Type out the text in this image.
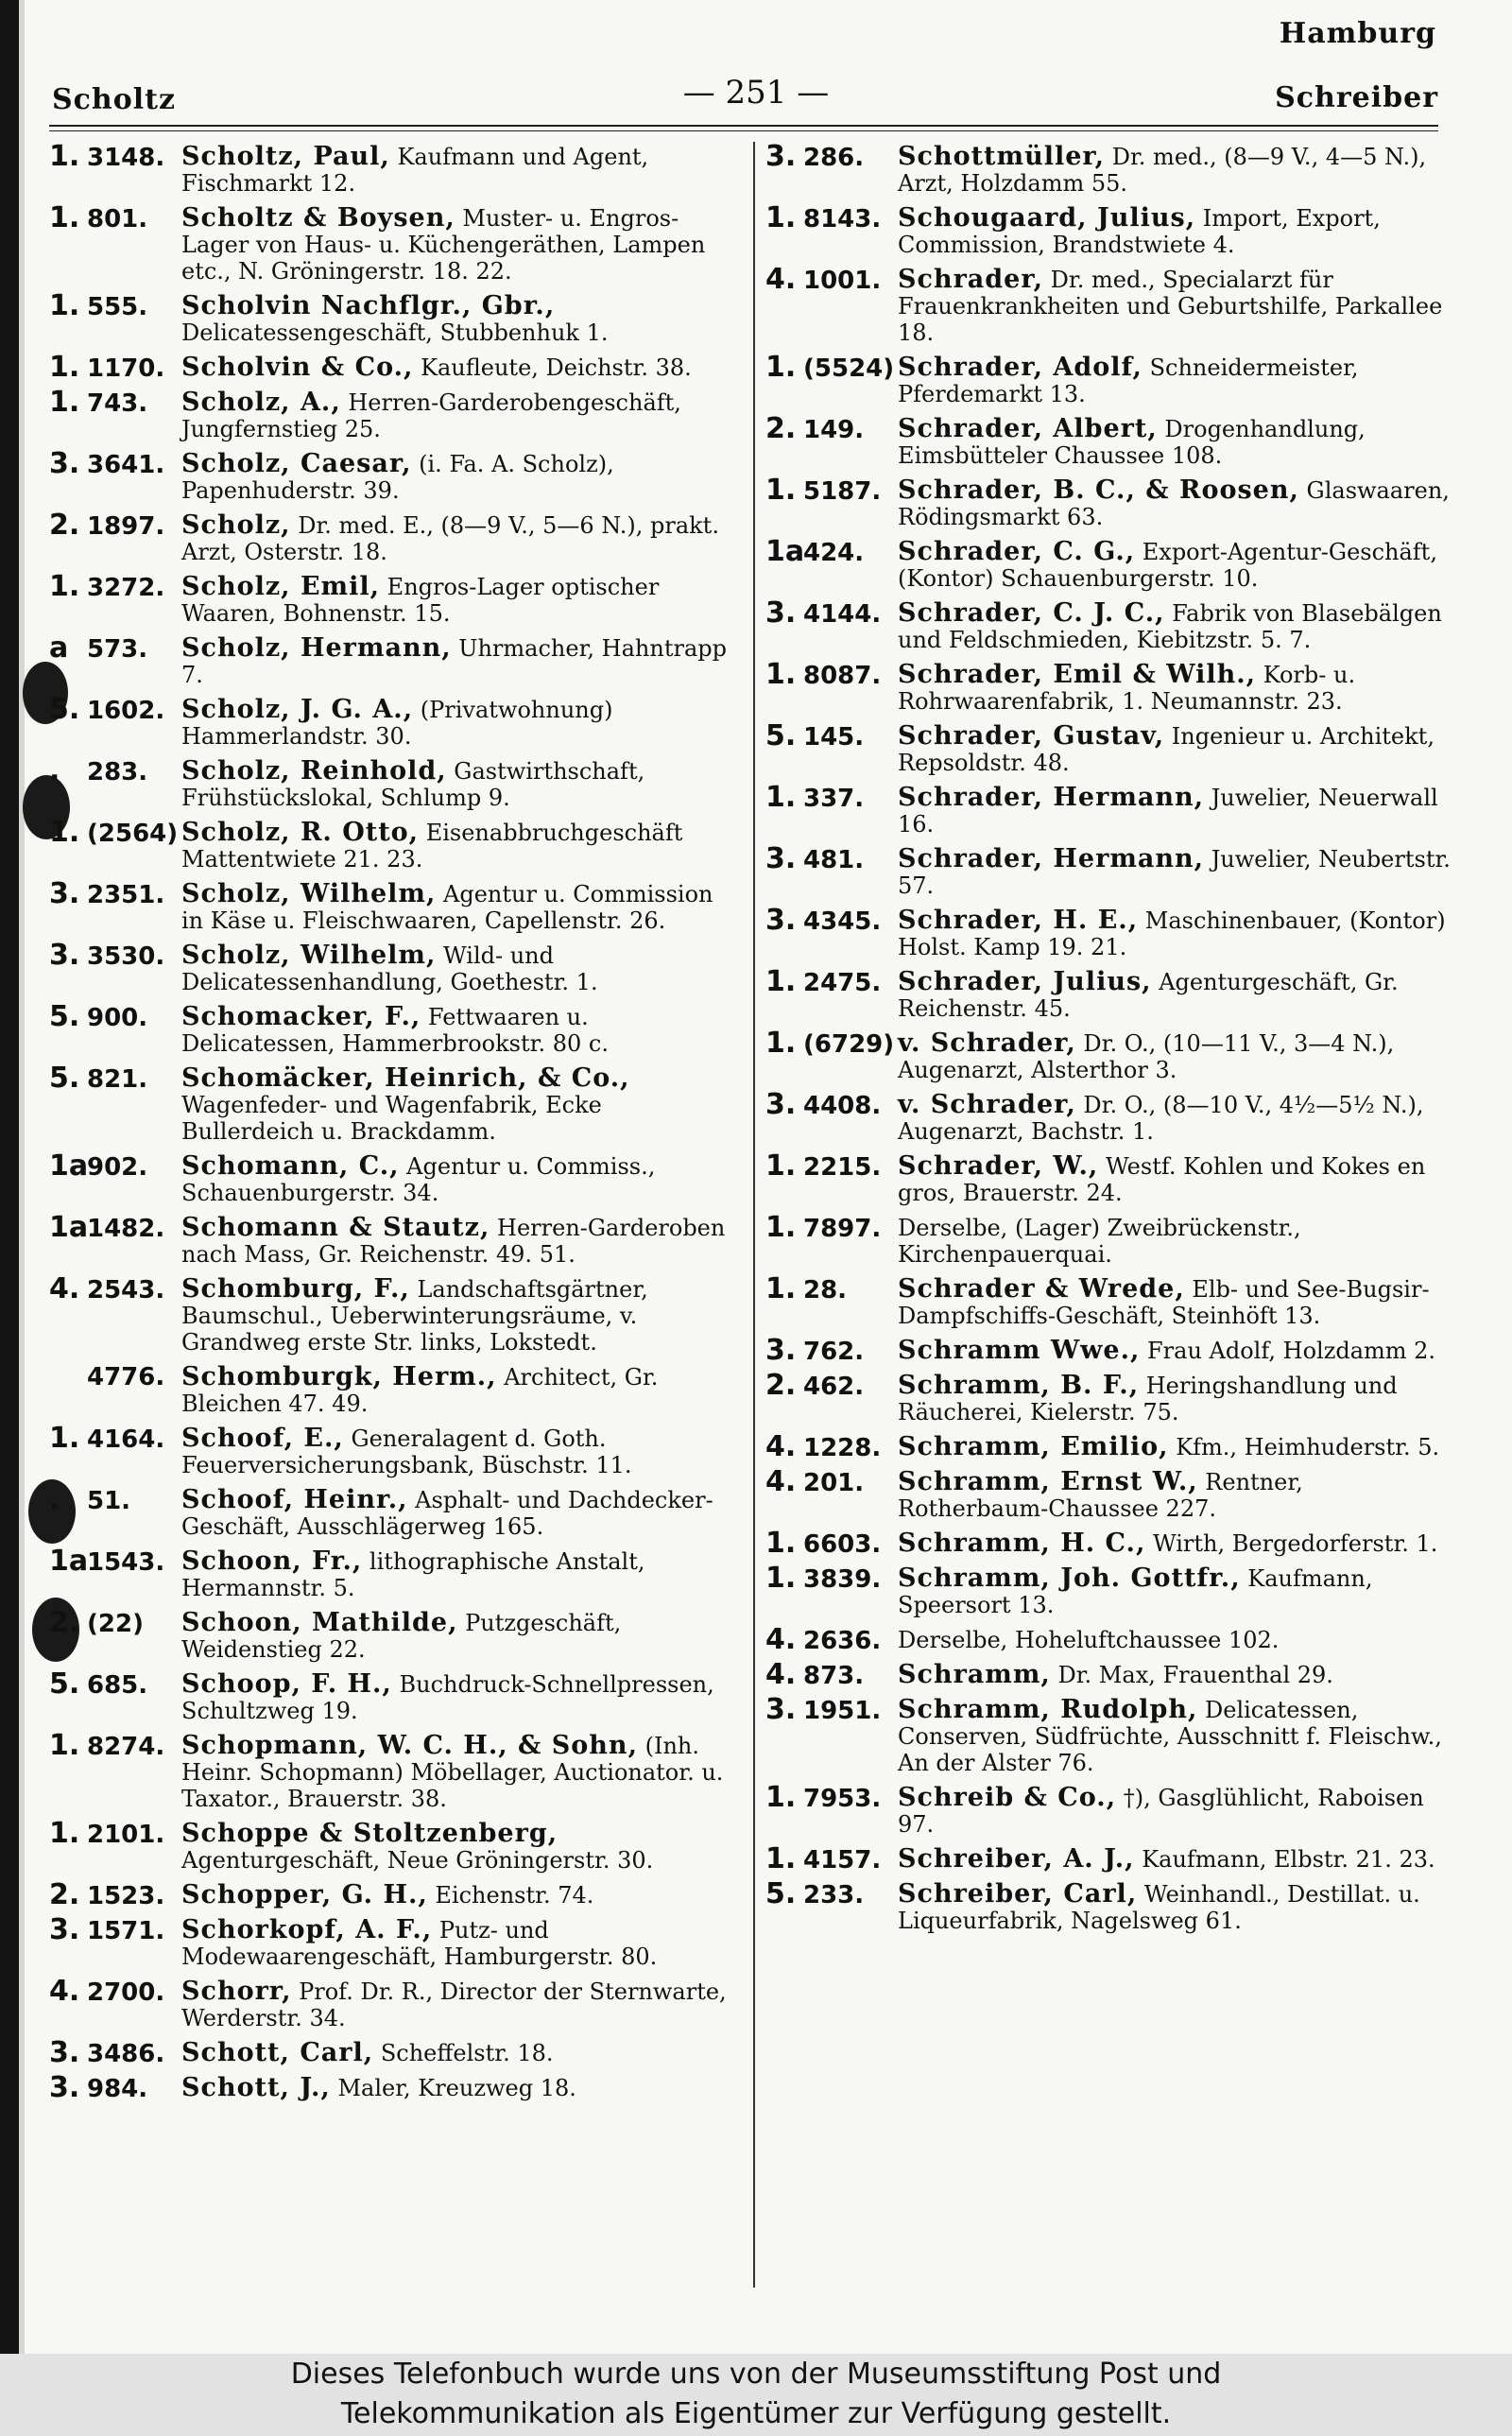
Hamburg
Scholtz	— 251 —	Schreiber
1. 3148. Scholtz, Paul, Kaufmann und Agent, Fischmarkt 12.
1. 801.	Scholtz & Boysen, Muster- u. Engros-Lager von Haus- u. Küchengeräthen, Lampen etc., N. Gröningerstr. 18. 22.
1. 555.	Scholvin Nachflgr., Gbr., Delicatessengeschäft, Stubbenhuk 1.
1. 1170. Scholvin & Co., Kaufleute, Deichstr. 38.
1. 743.	Scholz, A., Herren-Garderobengeschäft, Jungfernstieg 25.
3. 3641. Scholz, Caesar, (i. Fa. A. Scholz), Papenhuderstr. 39.
2. 1897. Scholz, Dr. med. E., (8—9 V., 5—6 N.), prakt. Arzt, Osterstr. 18.
1. 3272. Scholz, Emil, Engros-Lager optischer Waaren, Bohnenstr. 15.
a 573.	Scholz, Hermann, Uhrmacher, Hahntrapp 7.
5. 1602. Scholz, J. G. A., (Privatwohnung) Hammerlandstr. 30.
. 283.	Scholz, Reinhold, Gastwirthschaft, Frühstückslokal, Schlump 9.
1. (2564) Scholz, R. Otto, Eisenabbruchgeschäft Mattentwiete 21. 23.
3. 2351. Scholz, Wilhelm, Agentur u. Commission in Käse u. Fleischwaaren, Capellenstr. 26.
3. 3530. Scholz, Wilhelm, Wild- und Delicatessenhandlung, Goethestr. 1.
5. 900.	Schomacker, F., Fettwaaren u. Delicatessen, Hammerbrookstr. 80 c.
5. 821.	Schomäcker, Heinrich, & Co., Wagenfeder- und Wagenfabrik, Ecke Bullerdeich u. Brackdamm.
1a902.	Schomann, C., Agentur u. Commiss., Schauenburgerstr. 34.
1a1482. Schomann & Stautz, Herren-Garderoben nach Mass, Gr. Reichenstr. 49. 51.
4. 2543. Schomburg, F., Landschaftsgärtner, Baumschul., Ueberwinterungsräume, v. Grandweg erste Str. links, Lokstedt.
4776. Schomburgk, Herm., Architect, Gr. Bleichen 47. 49.
1. 4164. Schoof, E., Generalagent d. Goth. Feuerversicherungsbank, Büschstr. 11.
. 51.	Schoof, Heinr., Asphalt- und Dachdecker-Geschäft, Ausschlägerweg 165.
1a1543. Schoon, Fr., lithographische Anstalt, Hermannstr. 5.
2. (22)	Schoon, Mathilde, Putzgeschäft, Weidenstieg 22.
5. 685.	Schoop, F. H., Buchdruck-Schnellpressen, Schultzweg 19.
1. 8274. Schopmann, W. C. H., & Sohn, (Inh. Heinr. Schopmann) Möbellager, Auctionator. u. Taxator., Brauerstr. 38.
1. 2101. Schoppe & Stoltzenberg, Agenturgeschäft, Neue Gröningerstr. 30.
2. 1523. Schopper, G. H., Eichenstr. 74.
3. 1571. Schorkopf, A. F., Putz- und Modewaarengeschäft, Hamburgerstr. 80.
4. 2700. Schorr, Prof. Dr. R., Director der Sternwarte, Werderstr. 34.
3. 3486. Schott, Carl, Scheffelstr. 18.
3. 984.	Schott, J., Maler, Kreuzweg 18.
3. 286.	Schottmüller, Dr. med., (8—9 V., 4—5 N.), Arzt, Holzdamm 55.
1. 8143. Schougaard, Julius, Import, Export, Commission, Brandstwiete 4.
4. 1001. Schrader, Dr. med., Specialarzt für Frauenkrankheiten und Geburtshilfe, Parkallee 18.
1. (5524) Schrader, Adolf, Schneidermeister, Pferdemarkt 13.
2. 149.	Schrader, Albert, Drogenhandlung, Eimsbütteler Chaussee 108.
1. 5187. Schrader, B. C., & Roosen, Glaswaaren, Rödingsmarkt 63.
1a424.	Schrader, C. G., Export-Agentur-Geschäft, (Kontor) Schauenburgerstr. 10.
3. 4144. Schrader, C. J. C., Fabrik von Blasebälgen und Feldschmieden, Kiebitzstr. 5. 7.
1. 8087. Schrader, Emil & Wilh., Korb- u. Rohrwaarenfabrik, 1. Neumannstr. 23.
5. 145.	Schrader, Gustav, Ingenieur u. Architekt, Repsoldstr. 48.
1. 337.	Schrader, Hermann, Juwelier, Neuerwall 16.
3. 481.	Schrader, Hermann, Juwelier, Neubertstr. 57.
3. 4345. Schrader, H. E., Maschinenbauer, (Kontor) Holst. Kamp 19. 21.
1. 2475. Schrader, Julius, Agenturgeschäft, Gr. Reichenstr. 45.
1. (6729) v. Schrader, Dr. O., (10—11 V., 3—4 N.), Augenarzt, Alsterthor 3.
3. 4408. v. Schrader, Dr. O., (8—10 V., 4½—5½ N.), Augenarzt, Bachstr. 1.
1. 2215. Schrader, W., Westf. Kohlen und Kokes en gros, Brauerstr. 24.
1. 7897. Derselbe, (Lager) Zweibrückenstr., Kirchenpauerquai.
1. 28.	Schrader & Wrede, Elb- und See-Bugsir-Dampfschiffs-Geschäft, Steinhöft 13.
3. 762.	Schramm Wwe., Frau Adolf, Holzdamm 2.
2. 462.	Schramm, B. F., Heringshandlung und Räucherei, Kielerstr. 75.
4. 1228. Schramm, Emilio, Kfm., Heimhuderstr. 5.
4. 201.	Schramm, Ernst W., Rentner, Rotherbaum-Chaussee 227.
1. 6603. Schramm, H. C., Wirth, Bergedorferstr. 1.
1. 3839. Schramm, Joh. Gottfr., Kaufmann, Speersort 13.
4. 2636. Derselbe, Hoheluftchaussee 102.
4. 873.	Schramm, Dr. Max, Frauenthal 29.
3. 1951. Schramm, Rudolph, Delicatessen, Conserven, Südfrüchte, Ausschnitt f. Fleischw., An der Alster 76.
1. 7953. Schreib & Co., †), Gasglühlicht, Raboisen 97.
1. 4157. Schreiber, A. J., Kaufmann, Elbstr. 21. 23.
5. 233.	Schreiber, Carl, Weinhandl., Destillat. u. Liqueurfabrik, Nagelsweg 61.
Dieses Telefonbuch wurde uns von der Museumsstiftung Post und
Telekommunikation als Eigentümer zur Verfügung gestellt.
